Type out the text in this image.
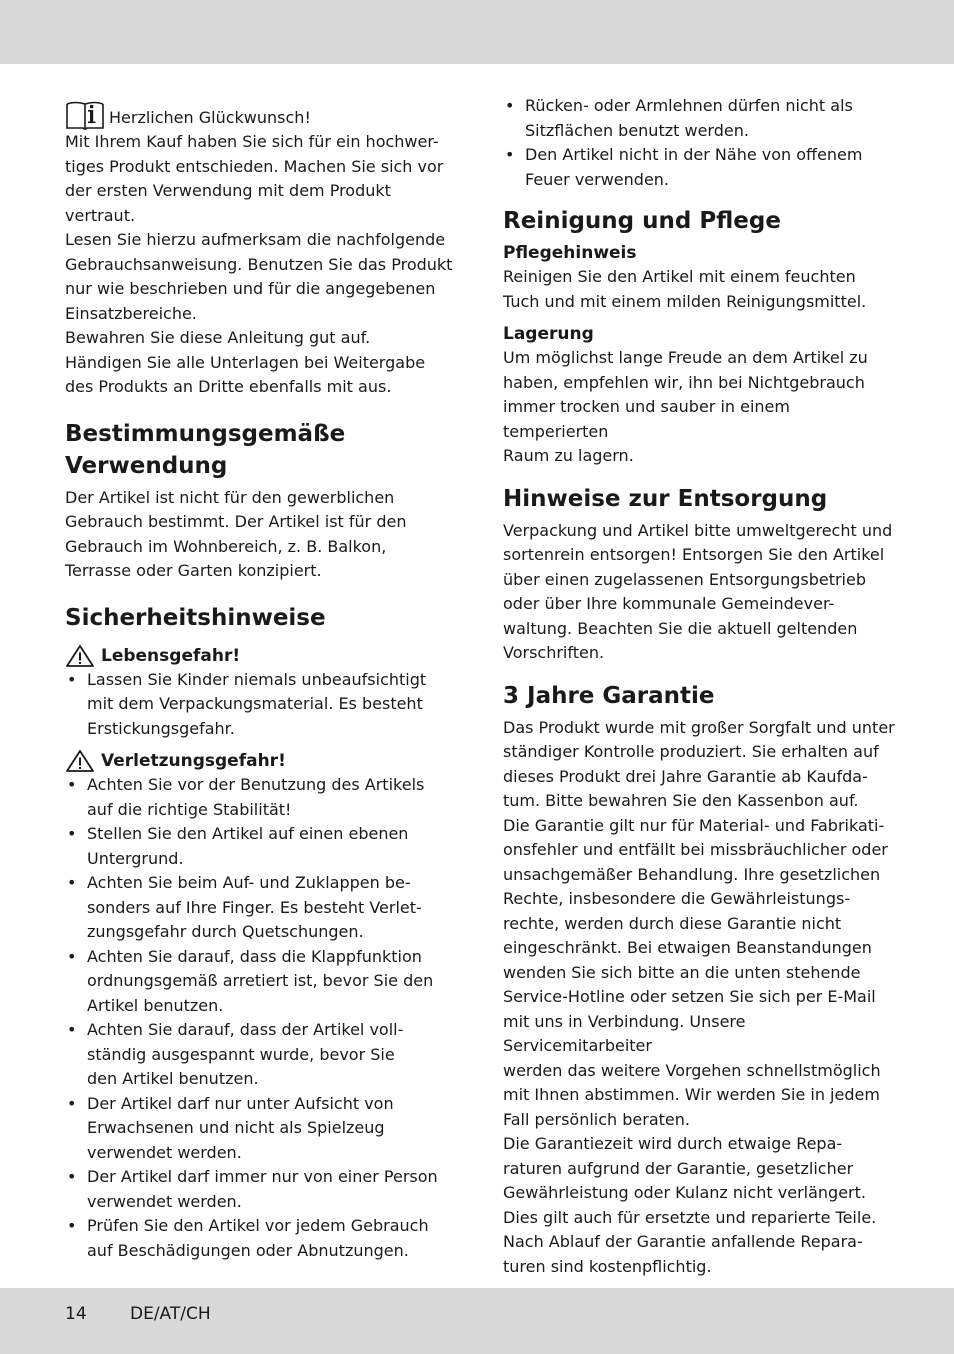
Herzlichen Glückwunsch!

Mit Ihrem Kauf haben Sie sich für ein hochwer-

tiges Produkt entschieden. Machen Sie sich vor

der ersten Verwendung mit dem Produkt vertraut.

Lesen Sie hierzu aufmerksam die nachfolgende

Gebrauchsanweisung. Benutzen Sie das Produkt

nur wie beschrieben und für die angegebenen

Einsatzbereiche.

Bewahren Sie diese Anleitung gut auf.

Händigen Sie alle Unterlagen bei Weitergabe

des Produkts an Dritte ebenfalls mit aus.

Bestimmungsgemäße

Verwendung

Der Artikel ist nicht für den gewerblichen

Gebrauch bestimmt. Der Artikel ist für den

Gebrauch im Wohnbereich, z. B. Balkon,

Terrasse oder Garten konzipiert.

Sicherheitshinweise

Lebensgefahr!

• Lassen Sie Kinder niemals unbeaufsichtigt

mit dem Verpackungsmaterial. Es besteht

Erstickungsgefahr.

Verletzungsgefahr!

• Achten Sie vor der Benutzung des Artikels

auf die richtige Stabilität!

• Stellen Sie den Artikel auf einen ebenen

Untergrund.

• Achten Sie beim Auf- und Zuklappen be-

sonders auf Ihre Finger. Es besteht Verlet-

zungsgefahr durch Quetschungen.

• Achten Sie darauf, dass die Klappfunktion

ordnungsgemäß arretiert ist, bevor Sie den

Artikel benutzen.

• Achten Sie darauf, dass der Artikel voll-

ständig ausgespannt wurde, bevor Sie

den Artikel benutzen.

• Der Artikel darf nur unter Aufsicht von

Erwachsenen und nicht als Spielzeug

verwendet werden.

• Der Artikel darf immer nur von einer Person

verwendet werden.

• Prüfen Sie den Artikel vor jedem Gebrauch

auf Beschädigungen oder Abnutzungen.

• Rücken- oder Armlehnen dürfen nicht als

Sitzflächen benutzt werden.

• Den Artikel nicht in der Nähe von offenem

Feuer verwenden.

Reinigung und Pflege

Pflegehinweis

Reinigen Sie den Artikel mit einem feuchten

Tuch und mit einem milden Reinigungsmittel.

Lagerung

Um möglichst lange Freude an dem Artikel zu

haben, empfehlen wir, ihn bei Nichtgebrauch

immer trocken und sauber in einem temperierten

Raum zu lagern.

Hinweise zur Entsorgung

Verpackung und Artikel bitte umweltgerecht und

sortenrein entsorgen! Entsorgen Sie den Artikel

über einen zugelassenen Entsorgungsbetrieb

oder über Ihre kommunale Gemeindever-

waltung. Beachten Sie die aktuell geltenden

Vorschriften.

3 Jahre Garantie

Das Produkt wurde mit großer Sorgfalt und unter

ständiger Kontrolle produziert. Sie erhalten auf

dieses Produkt drei Jahre Garantie ab Kaufda-

tum. Bitte bewahren Sie den Kassenbon auf.

Die Garantie gilt nur für Material- und Fabrikati-

onsfehler und entfällt bei missbräuchlicher oder

unsachgemäßer Behandlung. Ihre gesetzlichen

Rechte, insbesondere die Gewährleistungs-

rechte, werden durch diese Garantie nicht

eingeschränkt. Bei etwaigen Beanstandungen

wenden Sie sich bitte an die unten stehende

Service-Hotline oder setzen Sie sich per E-Mail

mit uns in Verbindung. Unsere Servicemitarbeiter

werden das weitere Vorgehen schnellstmöglich

mit Ihnen abstimmen. Wir werden Sie in jedem

Fall persönlich beraten.

Die Garantiezeit wird durch etwaige Repa-

raturen aufgrund der Garantie, gesetzlicher

Gewährleistung oder Kulanz nicht verlängert.

Dies gilt auch für ersetzte und reparierte Teile.

Nach Ablauf der Garantie anfallende Repara-

turen sind kostenpflichtig.

14	DE/AT/CH
